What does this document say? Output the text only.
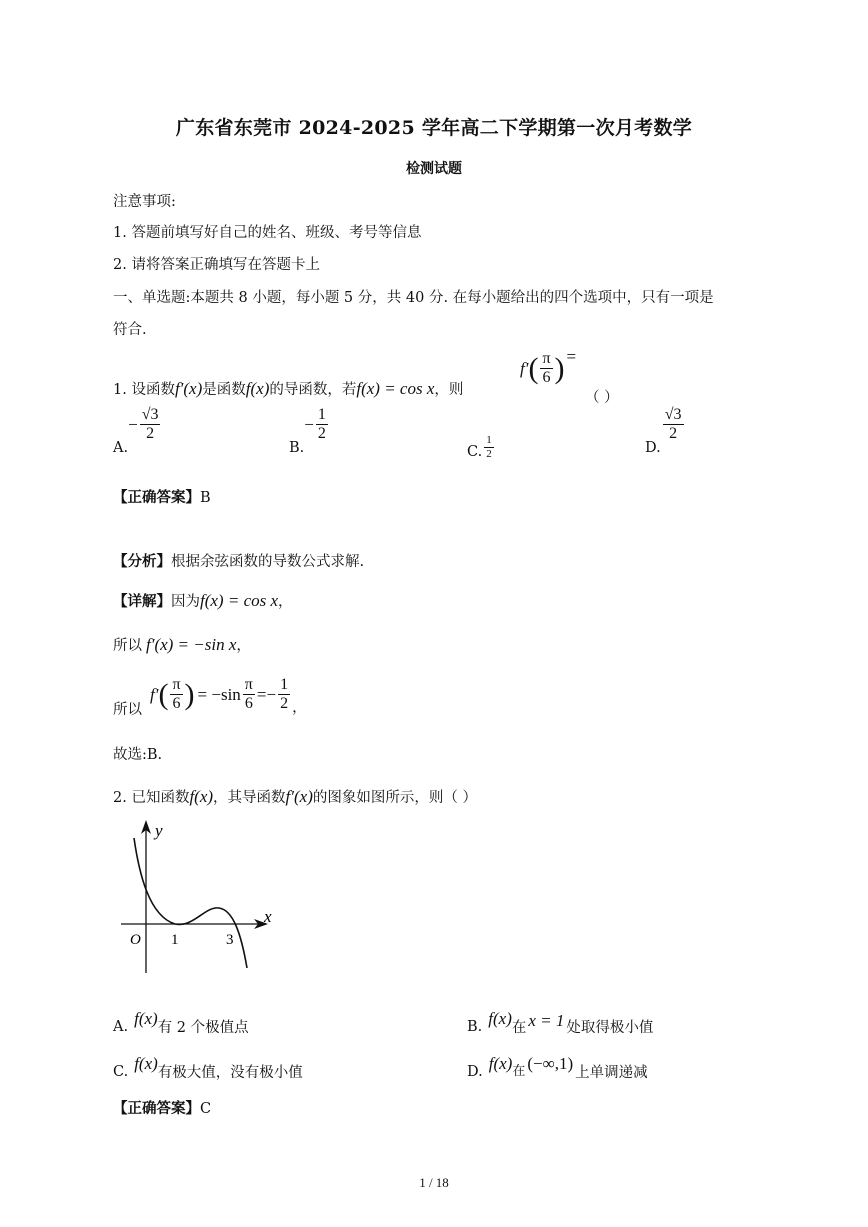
广东省东莞市 2024-2025 学年高二下学期第一次月考数学
检测试题
注意事项:
1. 答题前填写好自己的姓名、班级、考号等信息
2. 请将答案正确填写在答题卡上
一、单选题:本题共 8 小题，每小题 5 分，共 40 分. 在每小题给出的四个选项中，只有一项是
符合.
1. 设函数 f′(x) 是函数 f(x) 的导函数，若 f(x) = cos x ，则
f′ ( $\frac{\pi}{6}$ ) =
（ ）
A.
− $\frac{√3}{2}$
B.
− $\frac{1}{2}$
C. $\frac{1}{2}$	D.
$\frac{√3}{2}$
【正确答案】B
【分析】根据余弦函数的导数公式求解.
【详解】 因为 f(x) = cos x ，
所以 f′(x) = −sin x ，
所以
f′ ( $\frac{\pi}{6}$ ) = $-\sin \frac{\pi}{6}$ = − $\frac{1}{2}$ ，
故选:B.
2. 已知函数 f(x) ，其导函数 f′(x) 的图象如图所示，则（ ）
y
x
O 1	3
A. f(x)
有 2 个极值点	B. f(x)
在 x = 1 处取得极小值
C. f(x)
有极大值，没有极小值	D. f(x) 在 (−∞,1)
上单调递减
【正确答案】C
1 / 18
